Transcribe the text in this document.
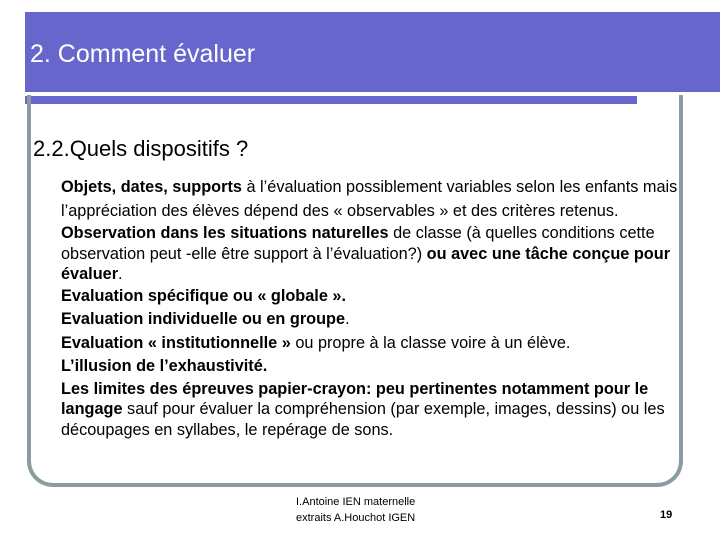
2. Comment évaluer
2.2.Quels dispositifs ?

Objets, dates, supports à l’évaluation possiblement variables selon les enfants mais l’appréciation des élèves dépend des « observables » et des critères retenus.

Observation dans les situations naturelles de classe (à quelles conditions cette observation peut -elle être support à l’évaluation?) ou avec une tâche conçue pour évaluer.

Evaluation spécifique ou « globale ».

Evaluation individuelle ou en groupe.

Evaluation « institutionnelle » ou propre à la classe voire à un élève.

L’illusion de l’exhaustivité.

Les limites des épreuves papier-crayon: peu pertinentes notamment pour le langage sauf pour évaluer la compréhension (par exemple, images, dessins) ou les découpages en syllabes, le repérage de sons.

I.Antoine IEN maternelle
extraits A.Houchot IGEN	19
